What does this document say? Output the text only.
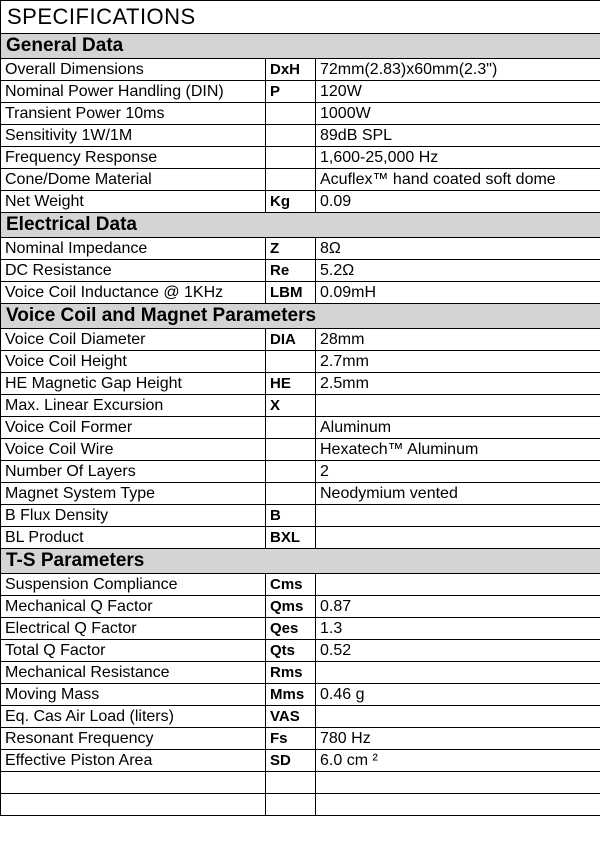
SPECIFICATIONS		
General Data		
Overall Dimensions	DxH	72mm(2.83)x60mm(2.3")
Nominal Power Handling (DIN)	P	120W
Transient Power 10ms		1000W
Sensitivity 1W/1M		89dB SPL
Frequency Response		1,600-25,000 Hz
Cone/Dome Material		Acuflex™ hand coated soft dome
Net Weight	Kg	0.09
Electrical Data		
Nominal Impedance	Z	8Ω
DC Resistance	Re	5.2Ω
Voice Coil Inductance @ 1KHz	LBM	0.09mH
Voice Coil and Magnet Parameters		
Voice Coil Diameter	DIA	28mm
Voice Coil Height		2.7mm
HE Magnetic Gap Height	HE	2.5mm
Max. Linear Excursion	X	
Voice Coil Former		Aluminum
Voice Coil Wire		Hexatech™ Aluminum
Number Of Layers		2
Magnet System Type		Neodymium vented
B Flux Density	B	
BL Product	BXL	
T-S Parameters		
Suspension Compliance	Cms	
Mechanical Q Factor	Qms	0.87
Electrical Q Factor	Qes	1.3
Total Q Factor	Qts	0.52
Mechanical Resistance	Rms	
Moving Mass	Mms	0.46 g
Eq. Cas Air Load (liters)	VAS	
Resonant Frequency	Fs	780 Hz
Effective Piston Area	SD	6.0 cm ²
